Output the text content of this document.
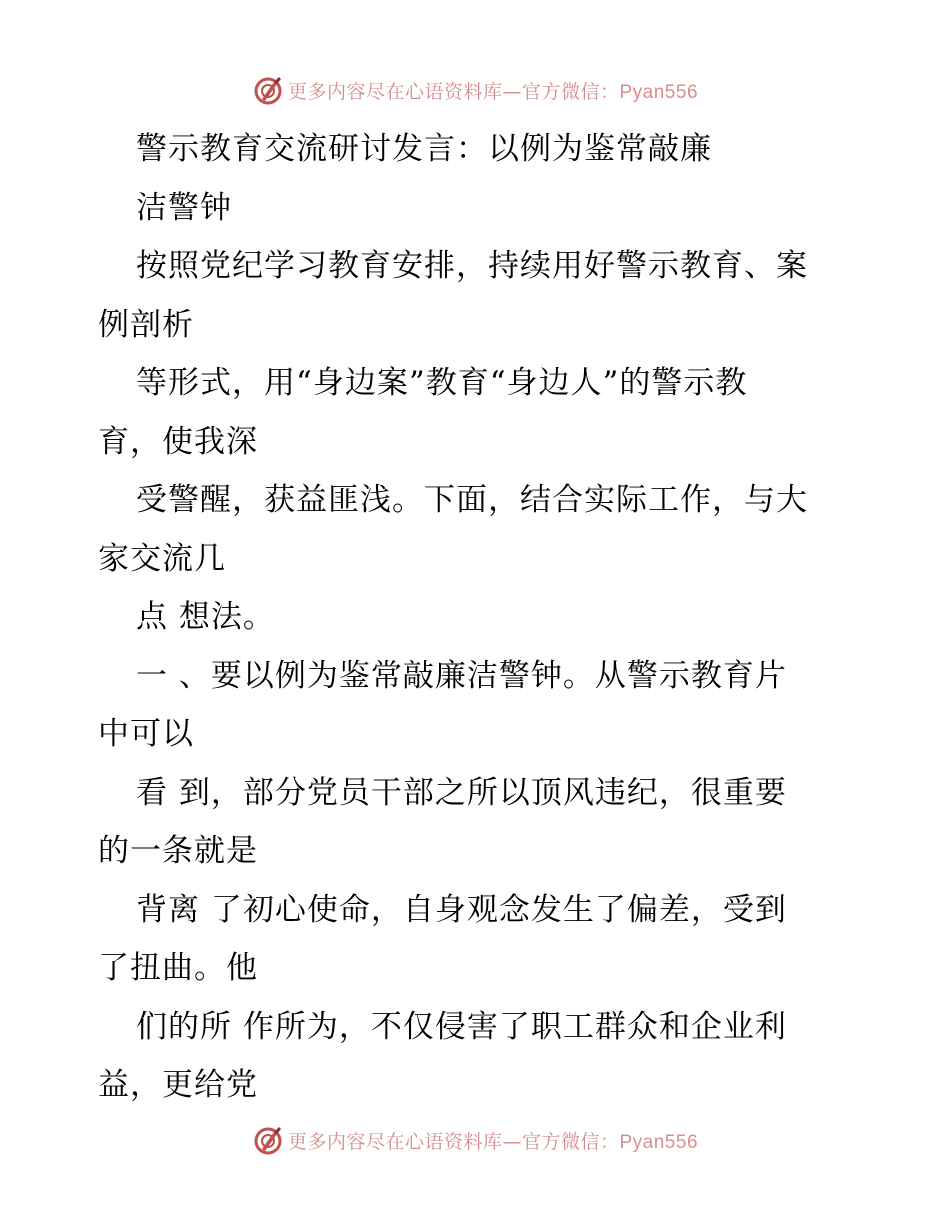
更多内容尽在心语资料库—官方微信：Pyan556
警示教育交流研讨发言：以例为鉴常敲廉
洁警钟
按照党纪学习教育安排，持续用好警示教育、案
例剖析
等形式，用“身边案”教育“身边人”的警示教
育，使我深
受警醒，获益匪浅。下面，结合实际工作，与大
家交流几
点 想法。
一 、要以例为鉴常敲廉洁警钟。从警示教育片
中可以
看 到，部分党员干部之所以顶风违纪，很重要
的一条就是
背离 了初心使命，自身观念发生了偏差，受到
了扭曲。他
们的所 作所为，不仅侵害了职工群众和企业利
益，更给党
更多内容尽在心语资料库—官方微信：Pyan556
